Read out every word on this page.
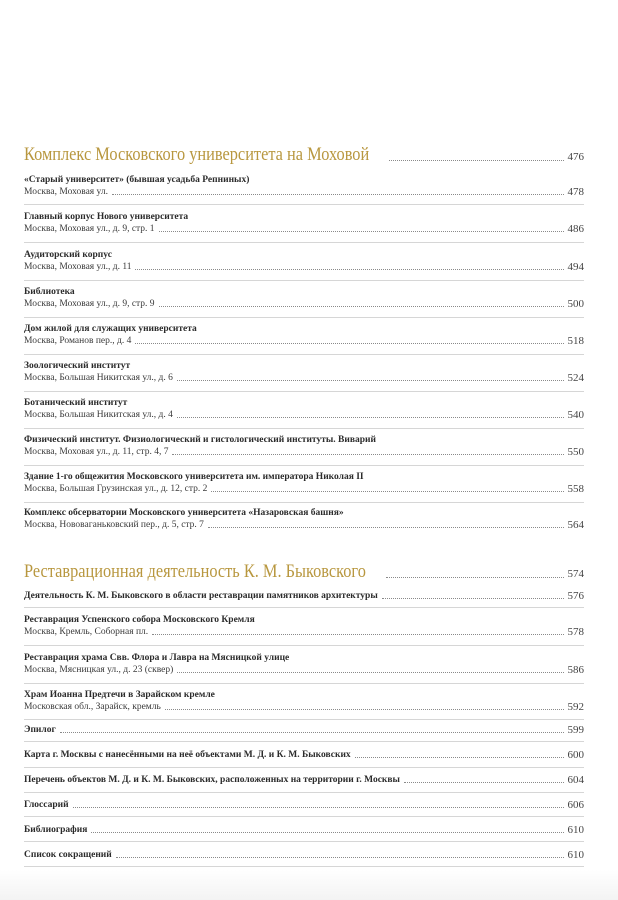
Комплекс Московского университета на Моховой	476
«Старый университет» (бывшая усадьба Репниных)
Москва, Моховая ул.	478
Главный корпус Нового университета
Москва, Моховая ул., д. 9, стр. 1	486
Аудиторский корпус
Москва, Моховая ул., д. 11	494
Библиотека
Москва, Моховая ул., д. 9, стр. 9	500
Дом жилой для служащих университета
Москва, Романов пер., д. 4	518
Зоологический институт
Москва, Большая Никитская ул., д. 6	524
Ботанический институт
Москва, Большая Никитская ул., д. 4	540
Физический институт. Физиологический и гистологический институты. Виварий
Москва, Моховая ул., д. 11, стр. 4, 7	550
Здание 1-го общежития Московского университета им. императора Николая II
Москва, Большая Грузинская ул., д. 12, стр. 2	558
Комплекс обсерватории Московского университета «Назаровская башня»
Москва, Нововаганьковский пер., д. 5, стр. 7	564
Реставрационная деятельность К. М. Быковского	574
Деятельность К. М. Быковского в области реставрации памятников архитектуры	576
Реставрация Успенского собора Московского Кремля
Москва, Кремль, Соборная пл.	578
Реставрация храма Свв. Флора и Лавра на Мясницкой улице
Москва, Мясницкая ул., д. 23 (сквер)	586
Храм Иоанна Предтечи в Зарайском кремле
Московская обл., Зарайск, кремль	592
Эпилог	599
Карта г. Москвы с нанесёнными на неё объектами М. Д. и К. М. Быковских	600
Перечень объектов М. Д. и К. М. Быковских, расположенных на территории г. Москвы	604
Глоссарий	606
Библиография	610
Список сокращений	610
